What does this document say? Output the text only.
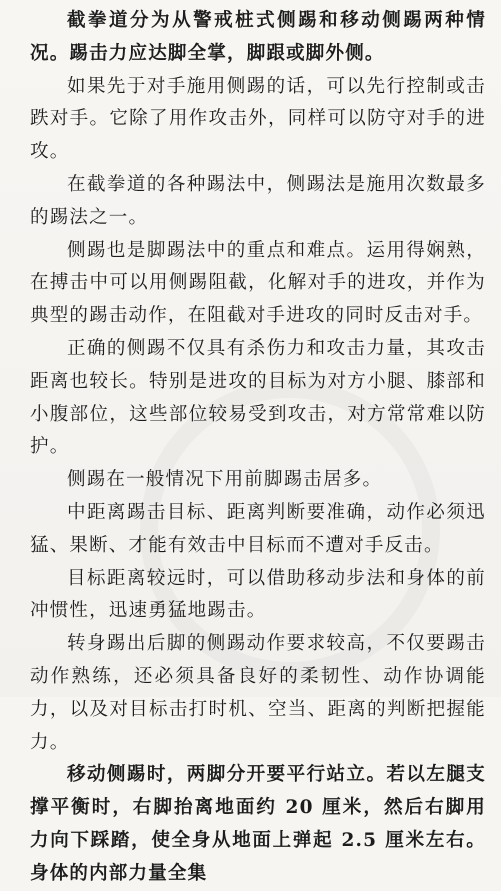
截拳道分为从警戒桩式侧踢和移动侧踢两种情况。踢击力应达脚全掌，脚跟或脚外侧。

如果先于对手施用侧踢的话，可以先行控制或击跌对手。它除了用作攻击外，同样可以防守对手的进攻。

在截拳道的各种踢法中，侧踢法是施用次数最多的踢法之一。

侧踢也是脚踢法中的重点和难点。运用得娴熟，在搏击中可以用侧踢阻截，化解对手的进攻，并作为典型的踢击动作，在阻截对手进攻的同时反击对手。

正确的侧踢不仅具有杀伤力和攻击力量，其攻击距离也较长。特别是进攻的目标为对方小腿、膝部和小腹部位，这些部位较易受到攻击，对方常常难以防护。

侧踢在一般情况下用前脚踢击居多。

中距离踢击目标、距离判断要准确，动作必须迅猛、果断、才能有效击中目标而不遭对手反击。

目标距离较远时，可以借助移动步法和身体的前冲惯性，迅速勇猛地踢击。

转身踢出后脚的侧踢动作要求较高，不仅要踢击动作熟练，还必须具备良好的柔韧性、动作协调能力，以及对目标击打时机、空当、距离的判断把握能力。

移动侧踢时，两脚分开要平行站立。若以左腿支撑平衡时，右脚抬离地面约 20 厘米，然后右脚用力向下踩踏，使全身从地面上弹起 2.5 厘米左右。身体的内部力量全集
